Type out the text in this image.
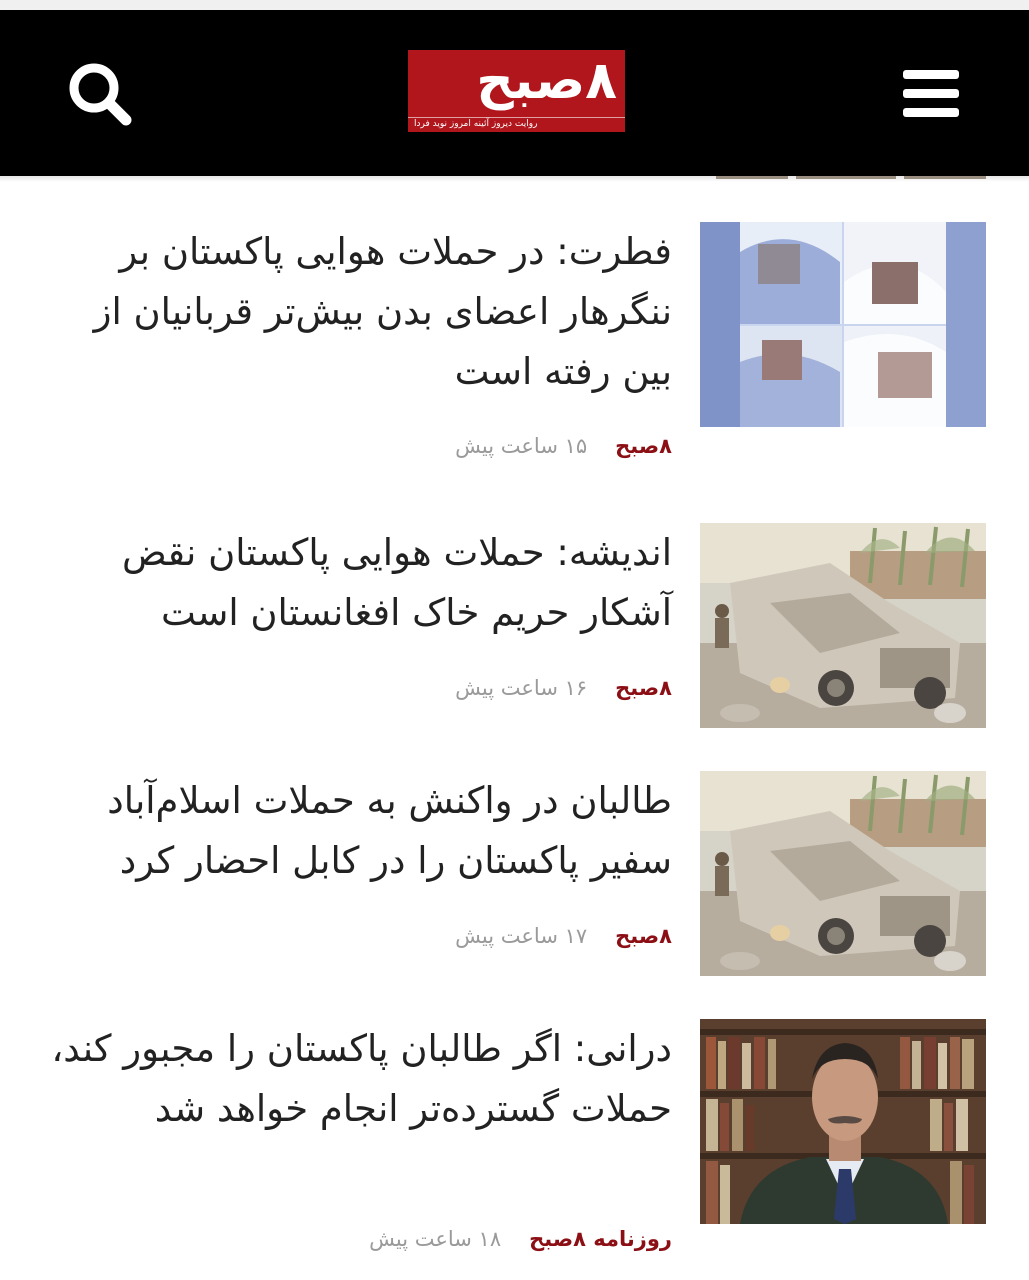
۸صبح
روایت دیروز آئینه امروز نوید فردا
فطرت: در حملات هوایی پاکستان بر ننگرهار اعضای بدن بیش‌تر قربانیان از بین رفته است
۸صبح۱۵ ساعت پیش
اندیشه: حملات هوایی پاکستان نقض آشکار حریم خاک افغانستان است
۸صبح۱۶ ساعت پیش
طالبان در واکنش به حملات اسلام‌آباد سفیر پاکستان را در کابل احضار کرد
۸صبح۱۷ ساعت پیش
درانی: اگر طالبان پاکستان را مجبور کند، حملات گسترده‌تر انجام خواهد شد
روزنامه ۸صبح۱۸ ساعت پیش
